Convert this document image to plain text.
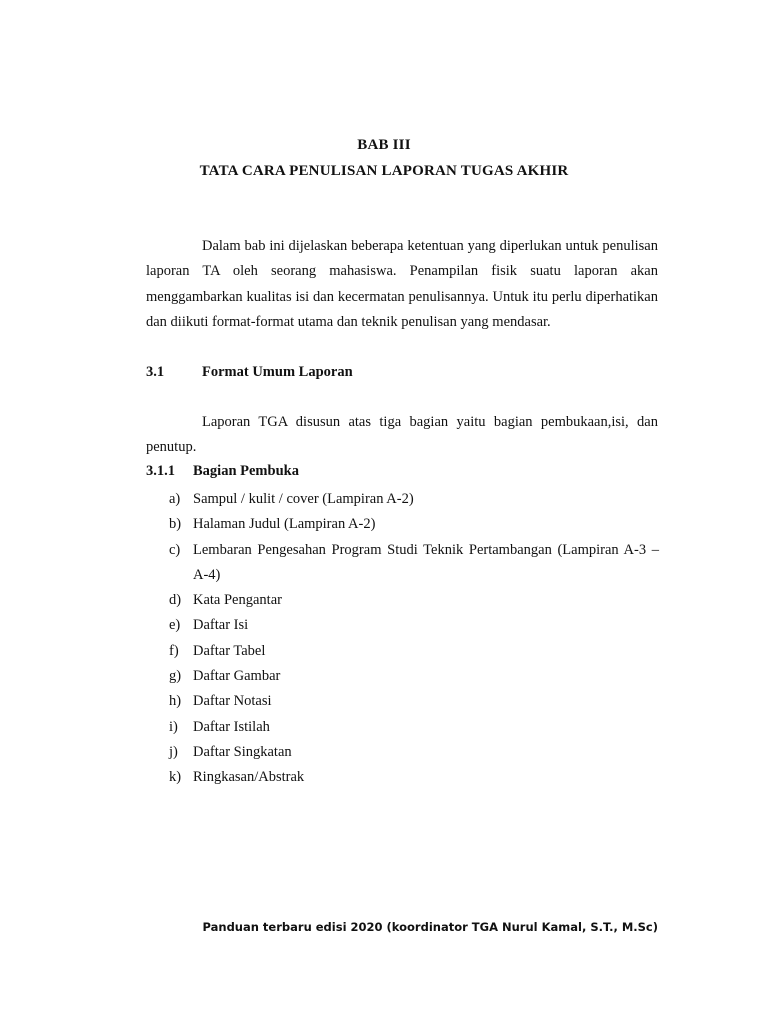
BAB III
TATA CARA PENULISAN LAPORAN TUGAS AKHIR

Dalam bab ini dijelaskan beberapa ketentuan yang diperlukan untuk penulisan laporan TA oleh seorang mahasiswa. Penampilan fisik suatu laporan akan menggambarkan kualitas isi dan kecermatan penulisannya. Untuk itu perlu diperhatikan dan diikuti format-format utama dan teknik penulisan yang mendasar.

3.1	Format Umum Laporan

Laporan TGA disusun atas tiga bagian yaitu bagian pembukaan,isi, dan penutup.

3.1.1 Bagian Pembuka
a) Sampul / kulit / cover (Lampiran A-2)
b) Halaman Judul (Lampiran A-2)
c) Lembaran Pengesahan Program Studi Teknik Pertambangan (Lampiran A-3 – A-4)
d) Kata Pengantar
e) Daftar Isi
f) Daftar Tabel
g) Daftar Gambar
h) Daftar Notasi
i) Daftar Istilah
j) Daftar Singkatan
k) Ringkasan/Abstrak
Panduan terbaru edisi 2020 (koordinator TGA Nurul Kamal, S.T., M.Sc)
